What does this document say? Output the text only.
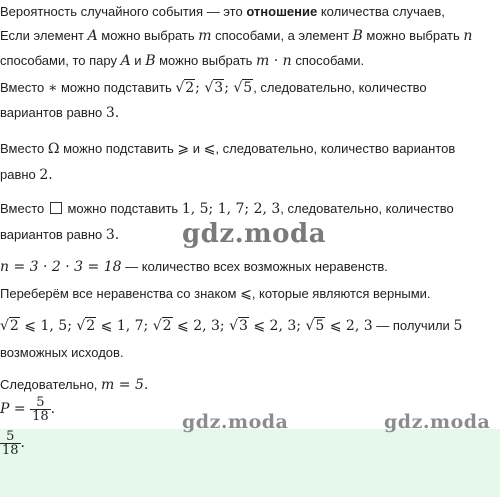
Вероятность случайного события — это отношение количества случаев,
Если элемент A можно выбрать m способами, а элемент B можно выбрать n
способами, то пару A и B можно выбрать m · n способами.
Вместо ∗ можно подставить √2; √3; √5, следовательно, количество
вариантов равно 3.
Вместо Ω можно подставить ⩾ и ⩽, следовательно, количество вариантов
равно 2.
Вместо  можно подставить 1, 5; 1, 7; 2, 3, следовательно, количество
вариантов равно 3. gdz.moda
n = 3 · 2 · 3 = 18 — количество всех возможных неравенств.
Переберём все неравенства со знаком ⩽, которые являются верными.
√2 ⩽ 1, 5; √2 ⩽ 1, 7; √2 ⩽ 2, 3; √3 ⩽ 2, 3; √5 ⩽ 2, 3 — получили 5
возможных исходов.
Следовательно, m = 5.
$P = \frac{5}{18}$ .
gdz.moda	gdz.moda
$\frac{5}{18}$ .
